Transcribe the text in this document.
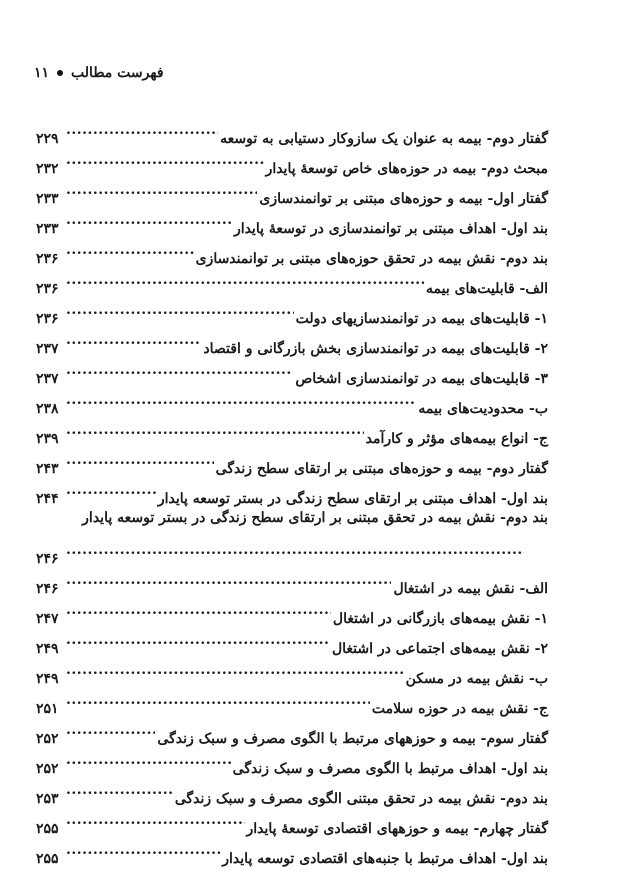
فهرست مطالب
۱۱
گفتار دوم- بیمه به عنوان یک سازوکار دستیابی به توسعه
.....
۲۲۹
مبحث دوم- بیمه در حوزه‌های خاص توسعهٔ پایدار
.....
۲۳۲
گفتار اول- بیمه و حوزه‌های مبتنی بر توانمندسازی
.....
۲۳۳
بند اول- اهداف مبتنی بر توانمندسازی در توسعهٔ پایدار
.....
۲۳۳
بند دوم- نقش بیمه در تحقق حوزه‌های مبتنی بر توانمندسازی
.....
۲۳۶
الف- قابلیت‌های بیمه
.....
۲۳۶
۱- قابلیت‌های بیمه در توانمندسازیهای دولت
.....
۲۳۶
۲- قابلیت‌های بیمه در توانمندسازی بخش بازرگانی و اقتصاد
.....
۲۳۷
۳- قابلیت‌های بیمه در توانمندسازی اشخاص
.....
۲۳۷
ب- محدودیت‌های بیمه
.....
۲۳۸
ج- انواع بیمه‌های مؤثر و کارآمد
.....
۲۳۹
گفتار دوم- بیمه و حوزه‌های مبتنی بر ارتقای سطح زندگی
.....
۲۴۳
بند اول- اهداف مبتنی بر ارتقای سطح زندگی در بستر توسعه پایدار
.....
۲۴۴
بند دوم- نقش بیمه در تحقق مبتنی بر ارتقای سطح زندگی در بستر توسعه پایدار
.....
۲۴۶
الف- نقش بیمه در اشتغال
.....
۲۴۶
۱- نقش بیمه‌های بازرگانی در اشتغال
.....
۲۴۷
۲- نقش بیمه‌های اجتماعی در اشتغال
.....
۲۴۹
ب- نقش بیمه در مسکن
.....
۲۴۹
ج- نقش بیمه در حوزه سلامت
.....
۲۵۱
گفتار سوم- بیمه و حوزههای مرتبط با الگوی مصرف و سبک زندگی
.....
۲۵۲
بند اول- اهداف مرتبط با الگوی مصرف و سبک زندگی
.....
۲۵۲
بند دوم- نقش بیمه در تحقق مبتنی الگوی مصرف و سبک زندگی
.....
۲۵۳
گفتار چهارم- بیمه و حوزههای اقتصادی توسعهٔ پایدار
.....
۲۵۵
بند اول- اهداف مرتبط با جنبه‌های اقتصادی توسعه پایدار
.....
۲۵۵
